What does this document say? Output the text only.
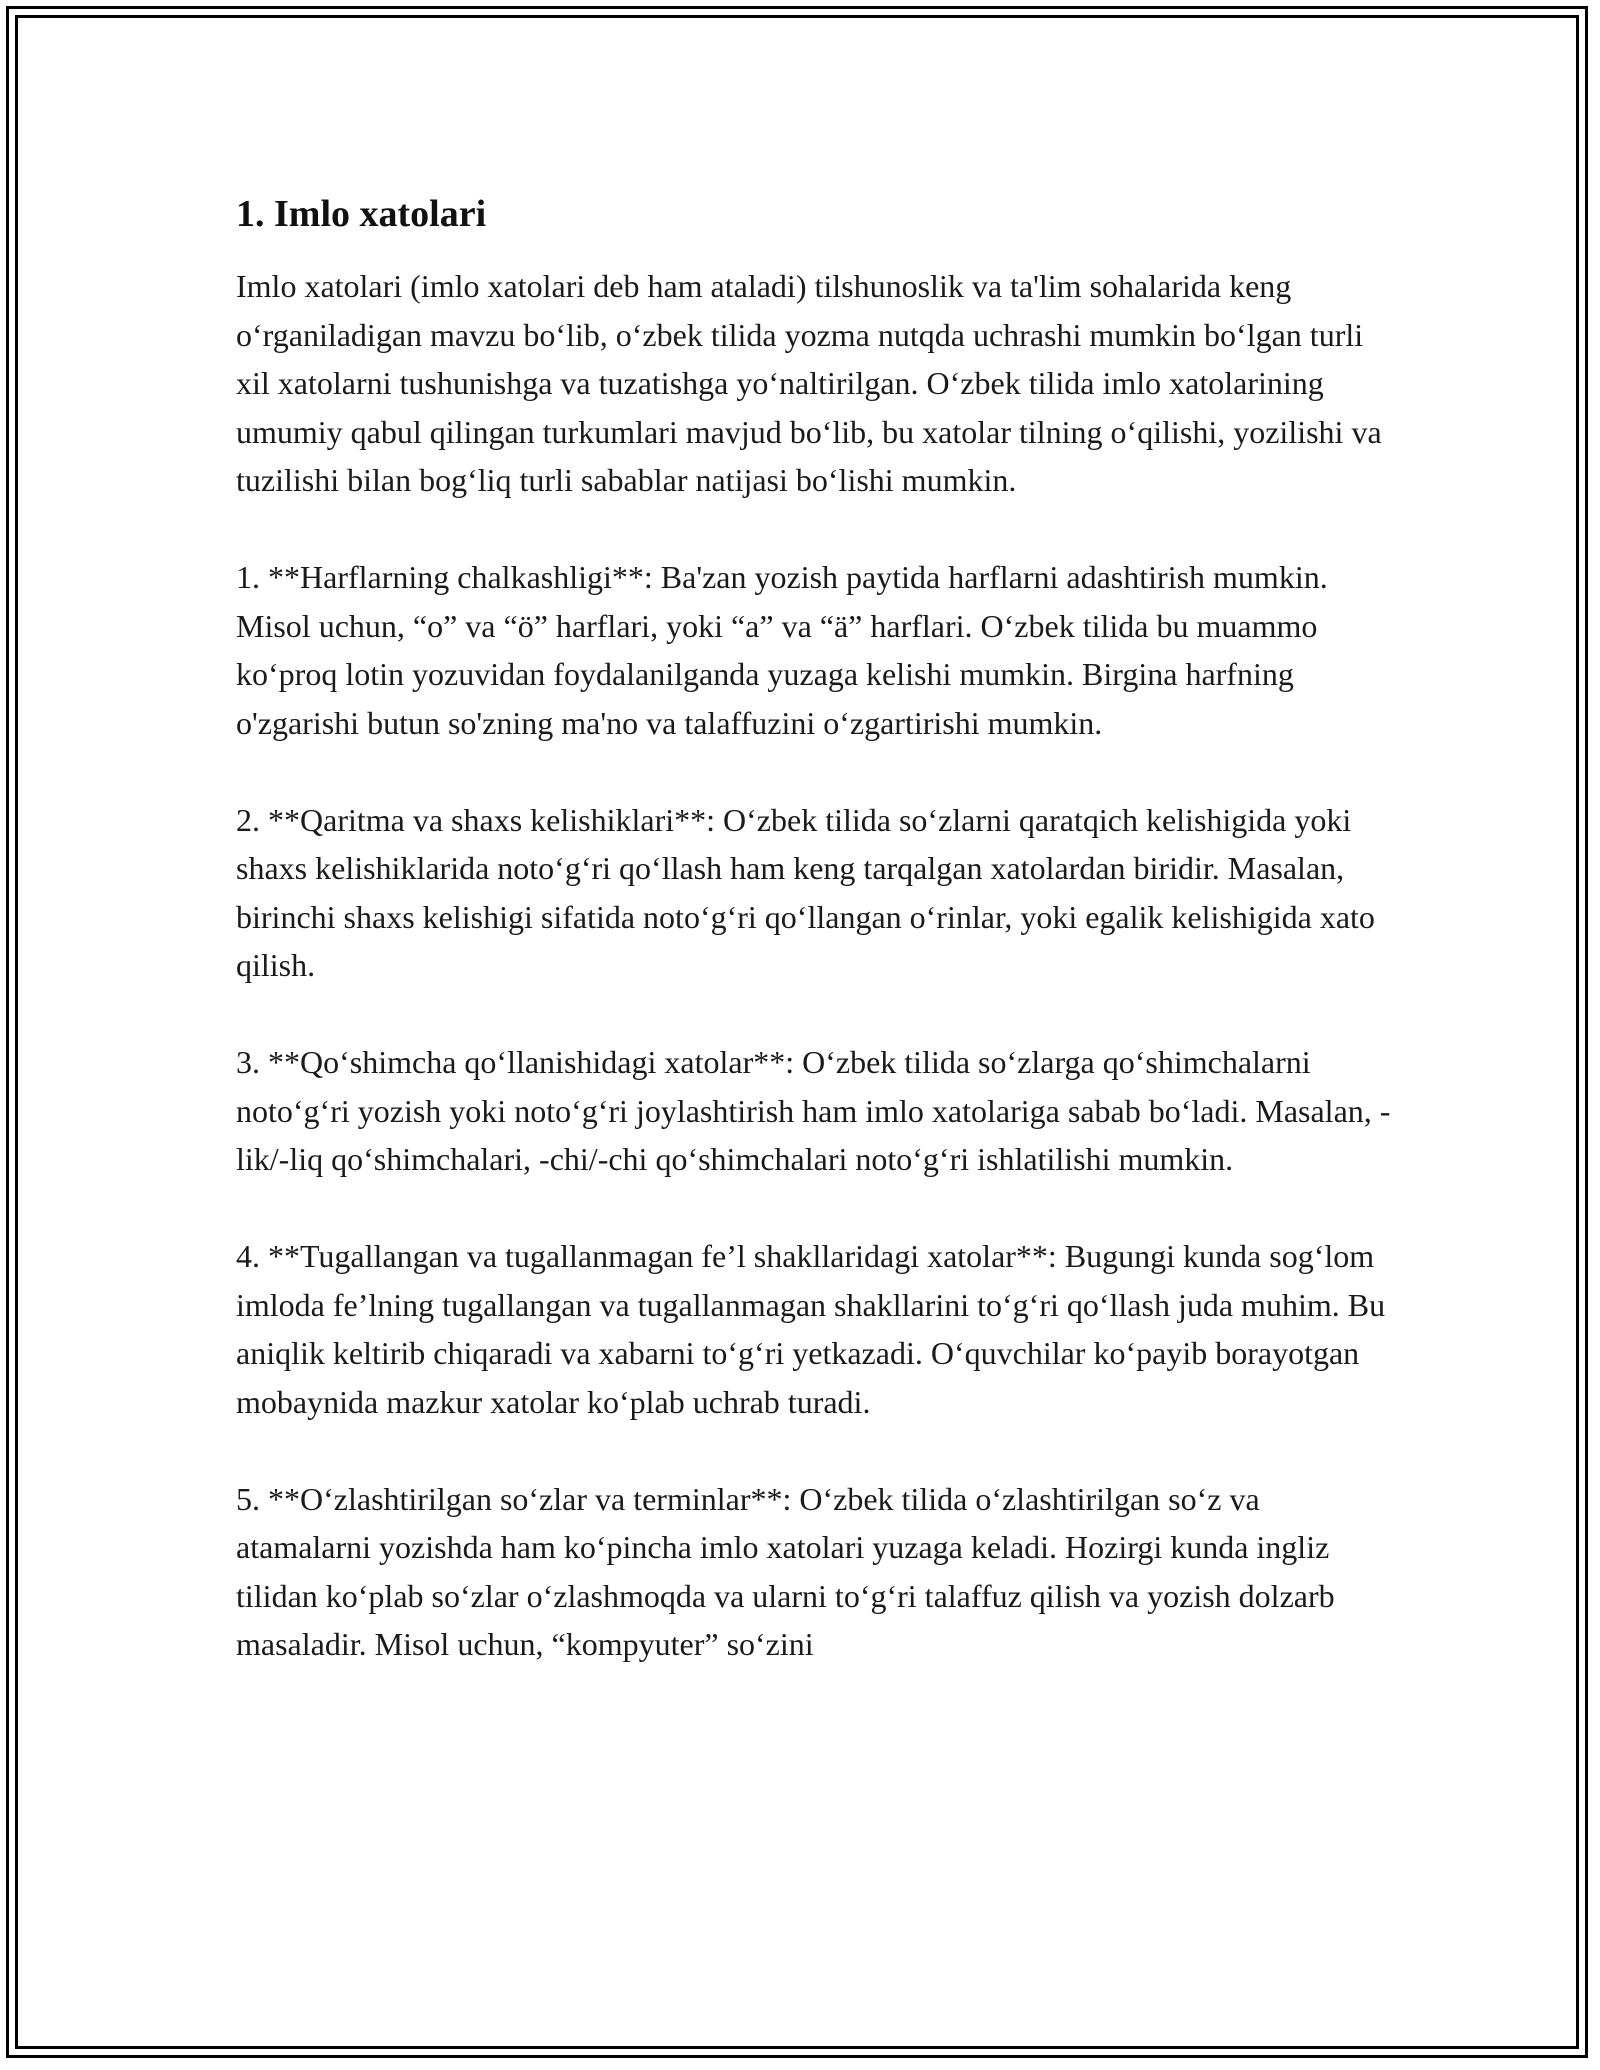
1. Imlo xatolari

Imlo xatolari (imlo xatolari deb ham ataladi) tilshunoslik va ta'lim sohalarida keng oʻrganiladigan mavzu boʻlib, oʻzbek tilida yozma nutqda uchrashi mumkin boʻlgan turli xil xatolarni tushunishga va tuzatishga yoʻnaltirilgan. Oʻzbek tilida imlo xatolarining umumiy qabul qilingan turkumlari mavjud boʻlib, bu xatolar tilning oʻqilishi, yozilishi va tuzilishi bilan bogʻliq turli sabablar natijasi boʻlishi mumkin.

1. **Harflarning chalkashligi**: Ba'zan yozish paytida harflarni adashtirish mumkin. Misol uchun, “o” va “ö” harflari, yoki “a” va “ä” harflari. Oʻzbek tilida bu muammo koʻproq lotin yozuvidan foydalanilganda yuzaga kelishi mumkin. Birgina harfning o'zgarishi butun so'zning ma'no va talaffuzini oʻzgartirishi mumkin.

2. **Qaritma va shaxs kelishiklari**: Oʻzbek tilida soʻzlarni qaratqich kelishigida yoki shaxs kelishiklarida notoʻgʻri qoʻllash ham keng tarqalgan xatolardan biridir. Masalan, birinchi shaxs kelishigi sifatida notoʻgʻri qoʻllangan oʻrinlar, yoki egalik kelishigida xato qilish.

3. **Qoʻshimcha qoʻllanishidagi xatolar**: Oʻzbek tilida soʻzlarga qoʻshimchalarni notoʻgʻri yozish yoki notoʻgʻri joylashtirish ham imlo xatolariga sabab boʻladi. Masalan, -lik/-liq qoʻshimchalari, -chi/-chi qoʻshimchalari notoʻgʻri ishlatilishi mumkin.

4. **Tugallangan va tugallanmagan fe’l shakllaridagi xatolar**: Bugungi kunda sogʻlom imloda fe’lning tugallangan va tugallanmagan shakllarini toʻgʻri qoʻllash juda muhim. Bu aniqlik keltirib chiqaradi va xabarni toʻgʻri yetkazadi. Oʻquvchilar koʻpayib borayotgan mobaynida mazkur xatolar koʻplab uchrab turadi.

5. **Oʻzlashtirilgan soʻzlar va terminlar**: Oʻzbek tilida oʻzlashtirilgan soʻz va atamalarni yozishda ham koʻpincha imlo xatolari yuzaga keladi. Hozirgi kunda ingliz tilidan koʻplab soʻzlar oʻzlashmoqda va ularni toʻgʻri talaffuz qilish va yozish dolzarb masaladir. Misol uchun, “kompyuter” soʻzini
